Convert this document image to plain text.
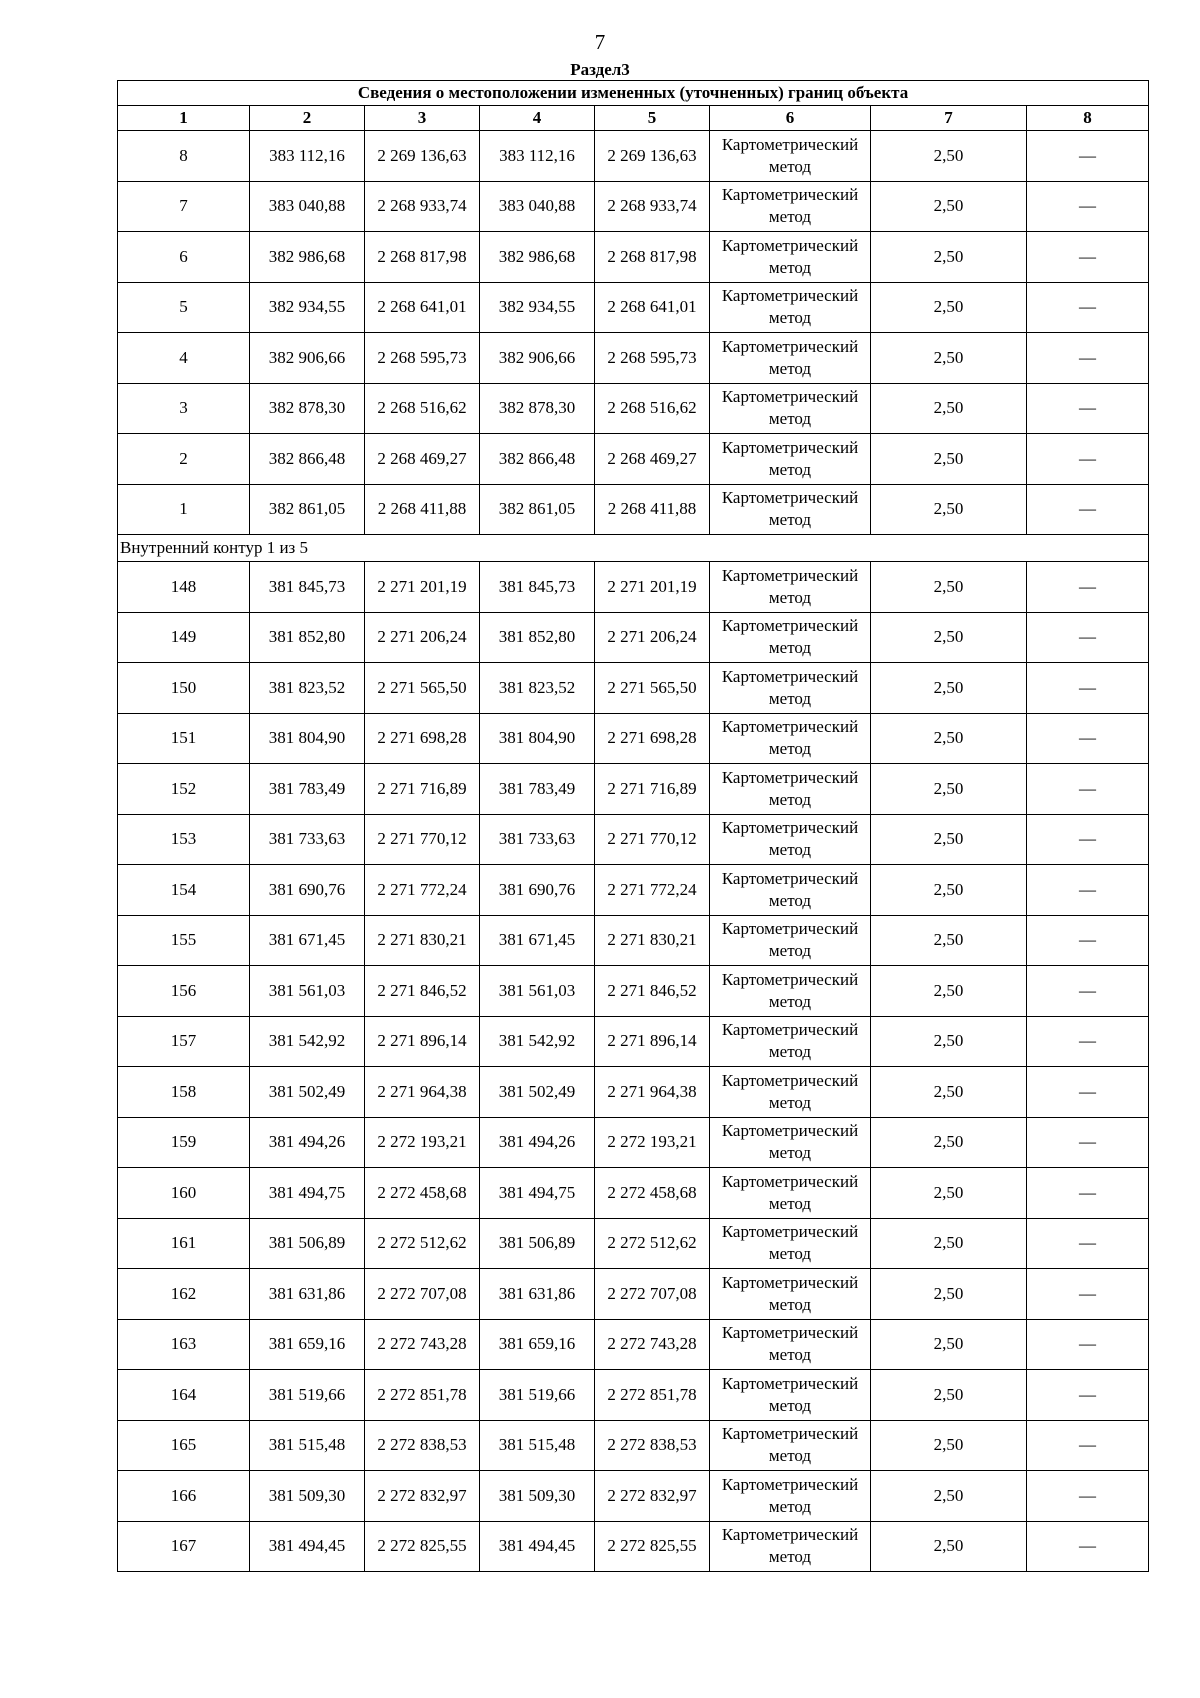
7
Раздел3
Сведения о местоположении измененных (уточненных) границ объекта							
1	2	3	4	5	6	7	8
8	383 112,16	2 269 136,63	383 112,16	2 269 136,63	Картометрический метод	2,50	—
7	383 040,88	2 268 933,74	383 040,88	2 268 933,74	Картометрический метод	2,50	—
6	382 986,68	2 268 817,98	382 986,68	2 268 817,98	Картометрический метод	2,50	—
5	382 934,55	2 268 641,01	382 934,55	2 268 641,01	Картометрический метод	2,50	—
4	382 906,66	2 268 595,73	382 906,66	2 268 595,73	Картометрический метод	2,50	—
3	382 878,30	2 268 516,62	382 878,30	2 268 516,62	Картометрический метод	2,50	—
2	382 866,48	2 268 469,27	382 866,48	2 268 469,27	Картометрический метод	2,50	—
1	382 861,05	2 268 411,88	382 861,05	2 268 411,88	Картометрический метод	2,50	—
Внутренний контур 1 из 5							
148	381 845,73	2 271 201,19	381 845,73	2 271 201,19	Картометрический метод	2,50	—
149	381 852,80	2 271 206,24	381 852,80	2 271 206,24	Картометрический метод	2,50	—
150	381 823,52	2 271 565,50	381 823,52	2 271 565,50	Картометрический метод	2,50	—
151	381 804,90	2 271 698,28	381 804,90	2 271 698,28	Картометрический метод	2,50	—
152	381 783,49	2 271 716,89	381 783,49	2 271 716,89	Картометрический метод	2,50	—
153	381 733,63	2 271 770,12	381 733,63	2 271 770,12	Картометрический метод	2,50	—
154	381 690,76	2 271 772,24	381 690,76	2 271 772,24	Картометрический метод	2,50	—
155	381 671,45	2 271 830,21	381 671,45	2 271 830,21	Картометрический метод	2,50	—
156	381 561,03	2 271 846,52	381 561,03	2 271 846,52	Картометрический метод	2,50	—
157	381 542,92	2 271 896,14	381 542,92	2 271 896,14	Картометрический метод	2,50	—
158	381 502,49	2 271 964,38	381 502,49	2 271 964,38	Картометрический метод	2,50	—
159	381 494,26	2 272 193,21	381 494,26	2 272 193,21	Картометрический метод	2,50	—
160	381 494,75	2 272 458,68	381 494,75	2 272 458,68	Картометрический метод	2,50	—
161	381 506,89	2 272 512,62	381 506,89	2 272 512,62	Картометрический метод	2,50	—
162	381 631,86	2 272 707,08	381 631,86	2 272 707,08	Картометрический метод	2,50	—
163	381 659,16	2 272 743,28	381 659,16	2 272 743,28	Картометрический метод	2,50	—
164	381 519,66	2 272 851,78	381 519,66	2 272 851,78	Картометрический метод	2,50	—
165	381 515,48	2 272 838,53	381 515,48	2 272 838,53	Картометрический метод	2,50	—
166	381 509,30	2 272 832,97	381 509,30	2 272 832,97	Картометрический метод	2,50	—
167	381 494,45	2 272 825,55	381 494,45	2 272 825,55	Картометрический метод	2,50	—
